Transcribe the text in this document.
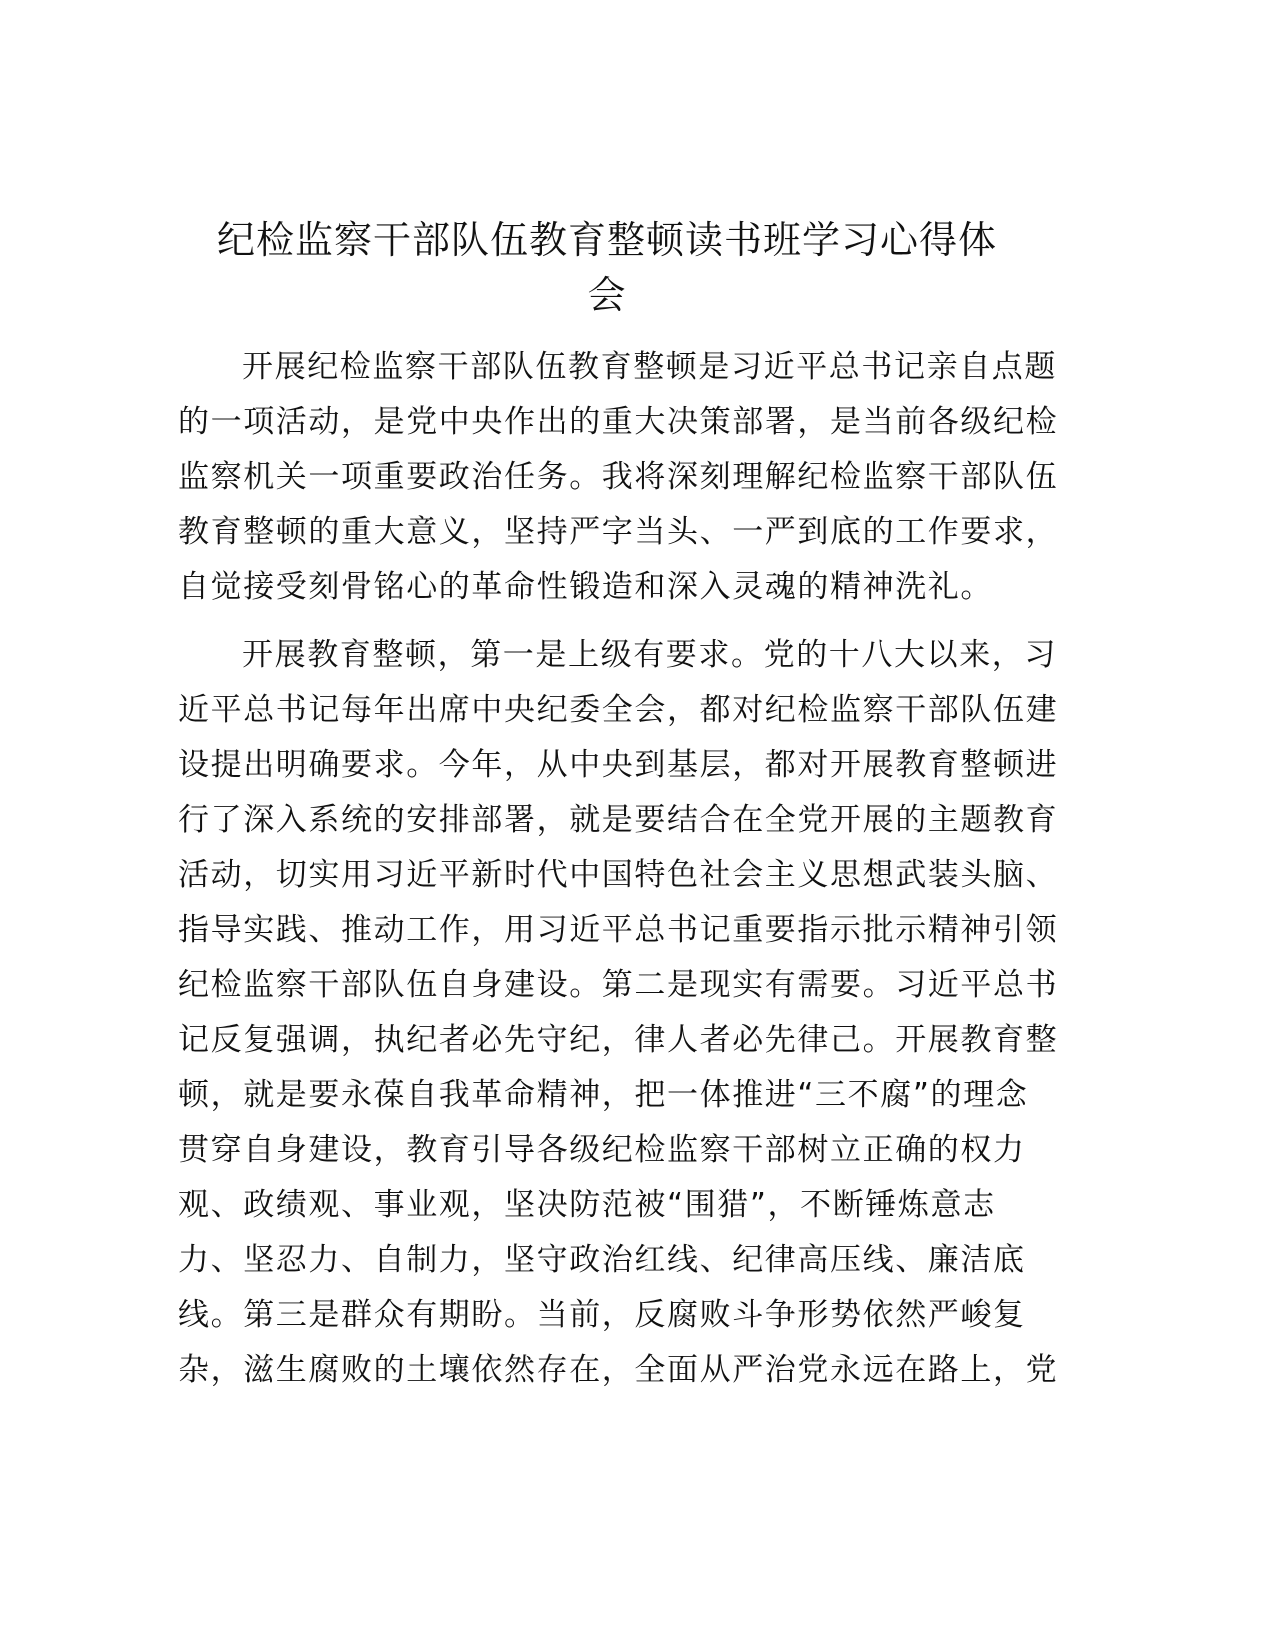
纪检监察干部队伍教育整顿读书班学习心得体
会
开展纪检监察干部队伍教育整顿是习近平总书记亲自点题
的一项活动，是党中央作出的重大决策部署，是当前各级纪检
监察机关一项重要政治任务。我将深刻理解纪检监察干部队伍
教育整顿的重大意义，坚持严字当头、一严到底的工作要求，
自觉接受刻骨铭心的革命性锻造和深入灵魂的精神洗礼。
开展教育整顿，第一是上级有要求。党的十八大以来，习
近平总书记每年出席中央纪委全会，都对纪检监察干部队伍建
设提出明确要求。今年，从中央到基层，都对开展教育整顿进
行了深入系统的安排部署，就是要结合在全党开展的主题教育
活动，切实用习近平新时代中国特色社会主义思想武装头脑、
指导实践、推动工作，用习近平总书记重要指示批示精神引领
纪检监察干部队伍自身建设。第二是现实有需要。习近平总书
记反复强调，执纪者必先守纪，律人者必先律己。开展教育整
顿，就是要永葆自我革命精神，把一体推进“三不腐”的理念
贯穿自身建设，教育引导各级纪检监察干部树立正确的权力
观、政绩观、事业观，坚决防范被“围猎”，不断锤炼意志
力、坚忍力、自制力，坚守政治红线、纪律高压线、廉洁底
线。第三是群众有期盼。当前，反腐败斗争形势依然严峻复
杂，滋生腐败的土壤依然存在，全面从严治党永远在路上，党
